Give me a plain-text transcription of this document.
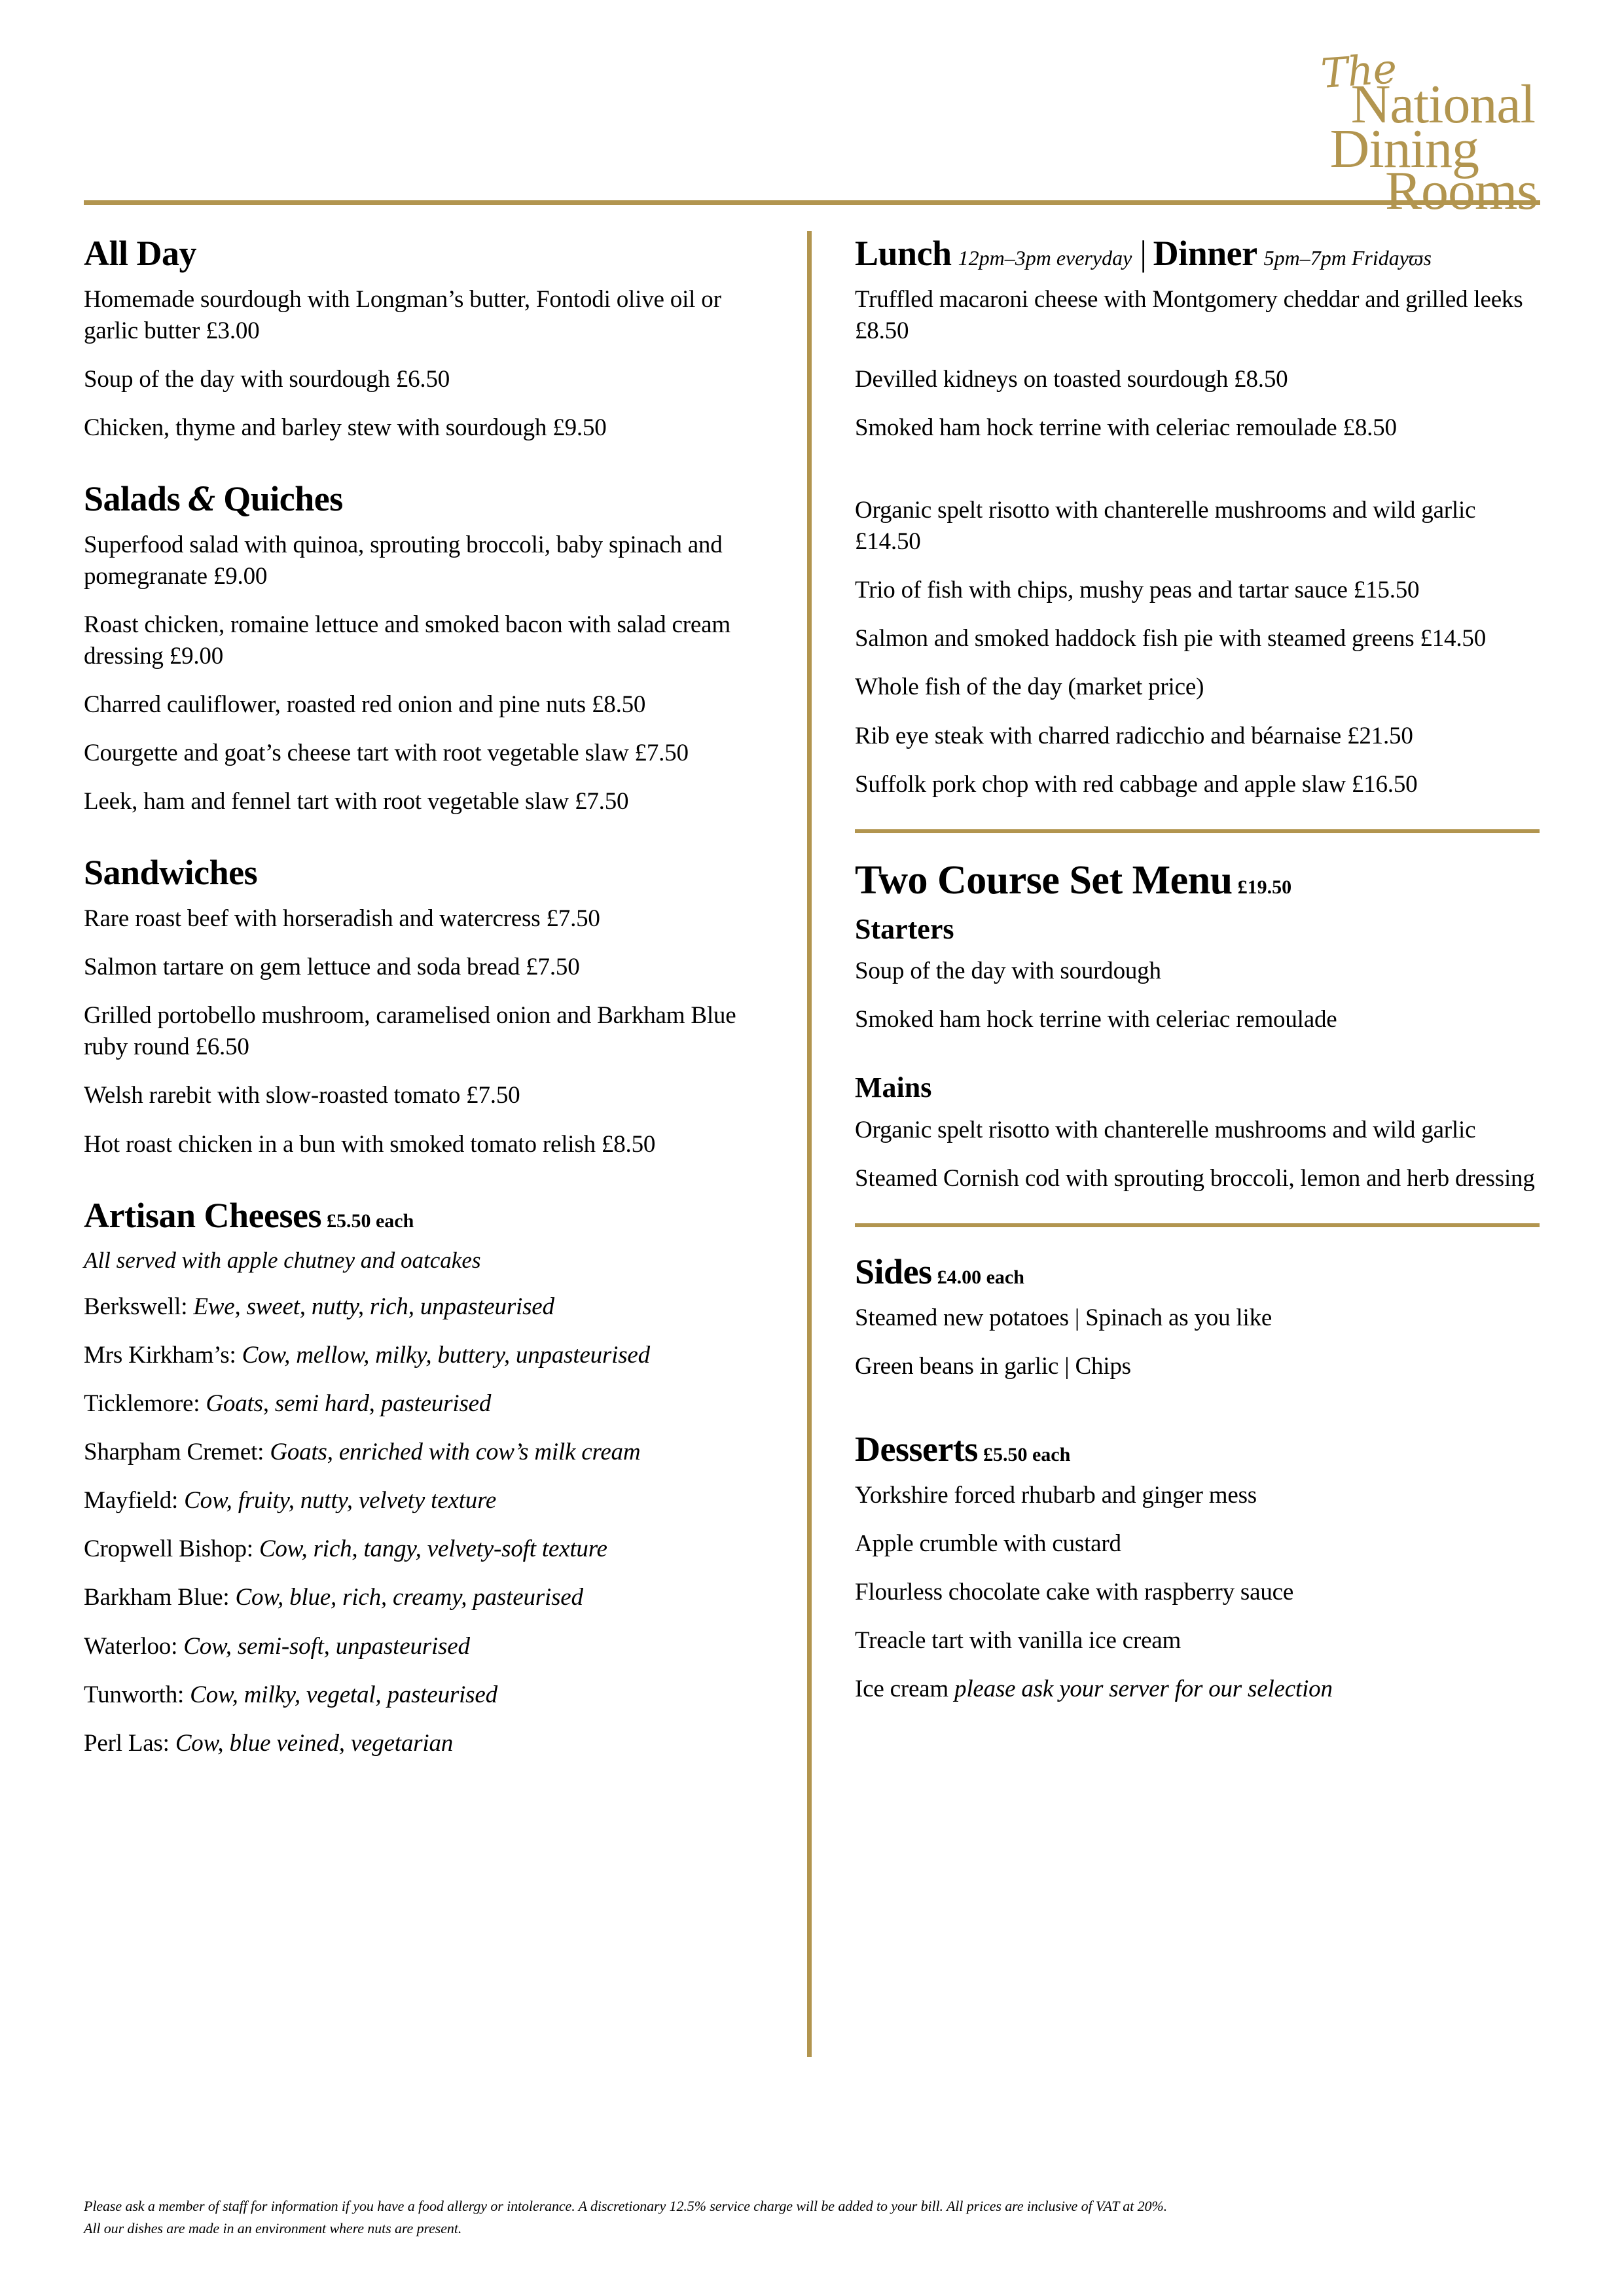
The
National
Dining
Rooms
All Day

Homemade sourdough with Longman’s butter, Fontodi olive oil or garlic butter £3.00

Soup of the day with sourdough £6.50

Chicken, thyme and barley stew with sourdough £9.50

Salads & Quiches

Superfood salad with quinoa, sprouting broccoli, baby spinach and pomegranate £9.00

Roast chicken, romaine lettuce and smoked bacon with salad cream dressing £9.00

Charred cauliflower, roasted red onion and pine nuts £8.50

Courgette and goat’s cheese tart with root vegetable slaw £7.50

Leek, ham and fennel tart with root vegetable slaw £7.50

Sandwiches

Rare roast beef with horseradish and watercress £7.50

Salmon tartare on gem lettuce and soda bread £7.50

Grilled portobello mushroom, caramelised onion and Barkham Blue ruby round £6.50

Welsh rarebit with slow-roasted tomato £7.50

Hot roast chicken in a bun with smoked tomato relish £8.50

Artisan Cheeses £5.50 each

All served with apple chutney and oatcakes

Berkswell: Ewe, sweet, nutty, rich, unpasteurised

Mrs Kirkham’s: Cow, mellow, milky, buttery, unpasteurised

Ticklemore: Goats, semi hard, pasteurised

Sharpham Cremet: Goats, enriched with cow’s milk cream

Mayfield: Cow, fruity, nutty, velvety texture

Cropwell Bishop: Cow, rich, tangy, velvety-soft texture

Barkham Blue: Cow, blue, rich, creamy, pasteurised

Waterloo: Cow, semi-soft, unpasteurised

Tunworth: Cow, milky, vegetal, pasteurised

Perl Las: Cow, blue veined, vegetarian

Lunch 12pm–3pm everyday | Dinner 5pm–7pm Fridayϖs

Truffled macaroni cheese with Montgomery cheddar and grilled leeks £8.50

Devilled kidneys on toasted sourdough £8.50

Smoked ham hock terrine with celeriac remoulade £8.50

Organic spelt risotto with chanterelle mushrooms and wild garlic £14.50

Trio of fish with chips, mushy peas and tartar sauce £15.50

Salmon and smoked haddock fish pie with steamed greens £14.50

Whole fish of the day (market price)

Rib eye steak with charred radicchio and béarnaise £21.50

Suffolk pork chop with red cabbage and apple slaw £16.50

Two Course Set Menu £19.50
Starters

Soup of the day with sourdough

Smoked ham hock terrine with celeriac remoulade

Mains

Organic spelt risotto with chanterelle mushrooms and wild garlic

Steamed Cornish cod with sprouting broccoli, lemon and herb dressing

Sides £4.00 each

Steamed new potatoes | Spinach as you like

Green beans in garlic | Chips

Desserts £5.50 each

Yorkshire forced rhubarb and ginger mess

Apple crumble with custard

Flourless chocolate cake with raspberry sauce

Treacle tart with vanilla ice cream

Ice cream please ask your server for our selection

Please ask a member of staff for information if you have a food allergy or intolerance. A discretionary 12.5% service charge will be added to your bill. All prices are inclusive of VAT at 20%.
All our dishes are made in an environment where nuts are present.
